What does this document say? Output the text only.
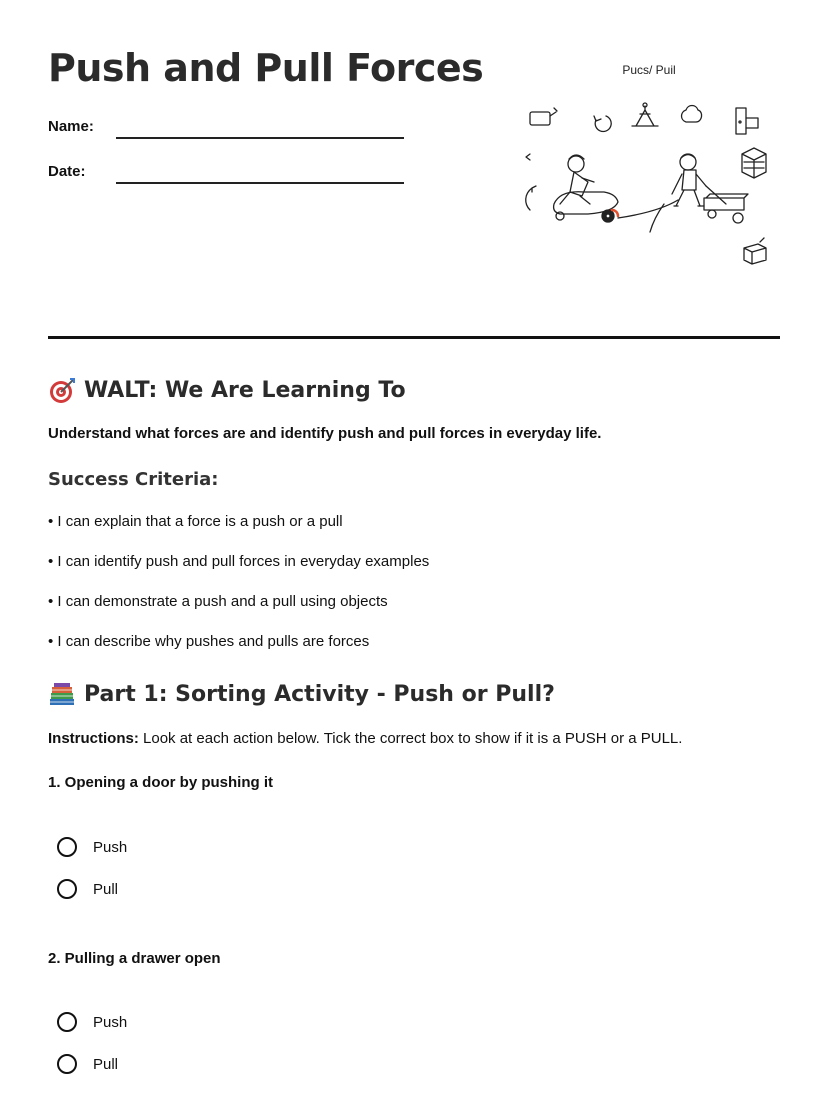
Push and Pull Forces
Name:
Date:
Pucs/ Puil
WALT: We Are Learning To
Understand what forces are and identify push and pull forces in everyday life.
Success Criteria:
• I can explain that a force is a push or a pull
• I can identify push and pull forces in everyday examples
• I can demonstrate a push and a pull using objects
• I can describe why pushes and pulls are forces
Part 1: Sorting Activity - Push or Pull?
Instructions: Look at each action below. Tick the correct box to show if it is a PUSH or a PULL.
1. Opening a door by pushing it
Push
Pull
2. Pulling a drawer open
Push
Pull
